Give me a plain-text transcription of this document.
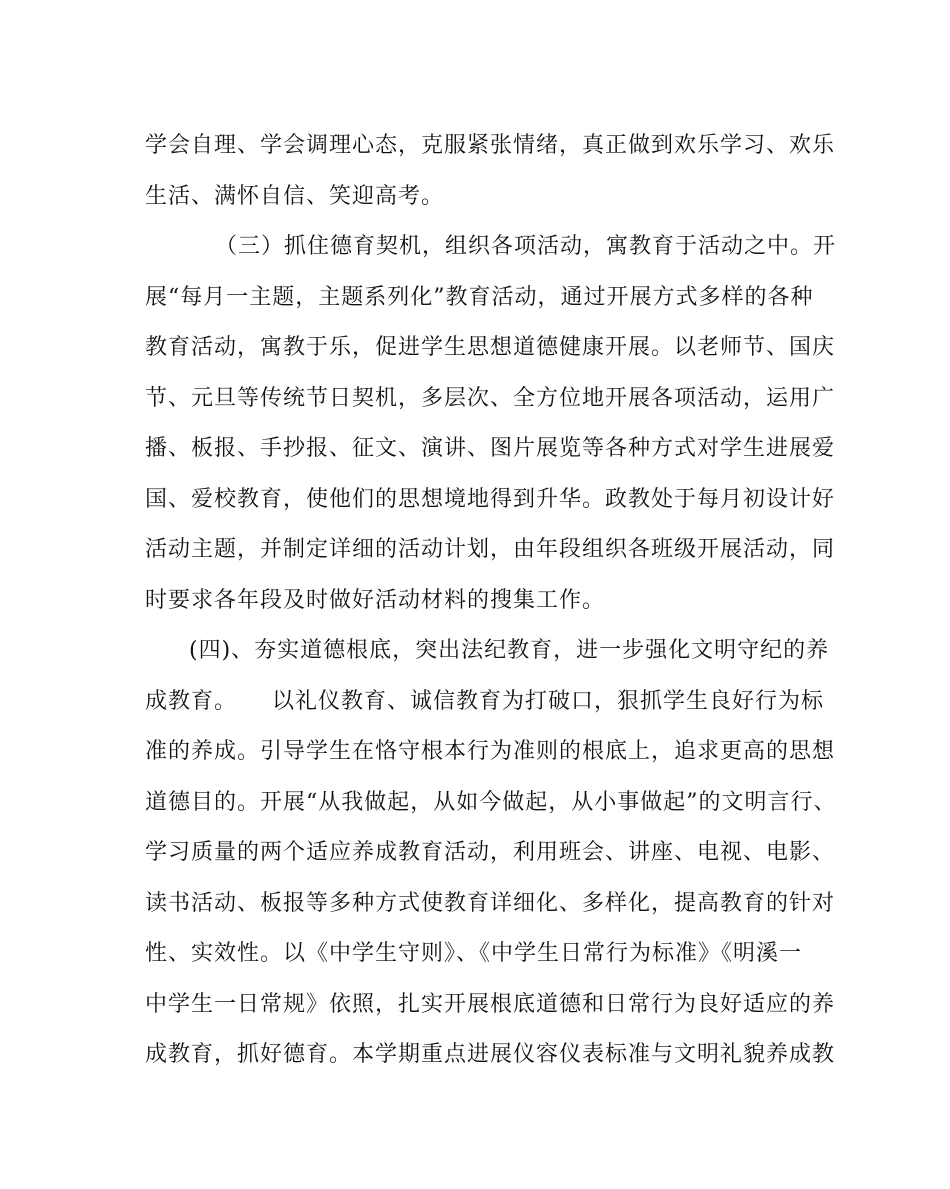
学会自理、学会调理心态，克服紧张情绪，真正做到欢乐学习、欢乐
生活、满怀自信、笑迎高考。
（三）抓住德育契机，组织各项活动，寓教育于活动之中。开
展“每月一主题，主题系列化”教育活动，通过开展方式多样的各种
教育活动，寓教于乐，促进学生思想道德健康开展。以老师节、国庆
节、元旦等传统节日契机，多层次、全方位地开展各项活动，运用广
播、板报、手抄报、征文、演讲、图片展览等各种方式对学生进展爱
国、爱校教育，使他们的思想境地得到升华。政教处于每月初设计好
活动主题，并制定详细的活动计划，由年段组织各班级开展活动，同
时要求各年段及时做好活动材料的搜集工作。
(四)、夯实道德根底，突出法纪教育，进一步强化文明守纪的养
成教育。　　以礼仪教育、诚信教育为打破口，狠抓学生良好行为标
准的养成。引导学生在恪守根本行为准则的根底上，追求更高的思想
道德目的。开展“从我做起，从如今做起，从小事做起”的文明言行、
学习质量的两个适应养成教育活动，利用班会、讲座、电视、电影、
读书活动、板报等多种方式使教育详细化、多样化，提高教育的针对
性、实效性。以《中学生守则》、《中学生日常行为标准》《明溪一
中学生一日常规》依照，扎实开展根底道德和日常行为良好适应的养
成教育，抓好德育。本学期重点进展仪容仪表标准与文明礼貌养成教
